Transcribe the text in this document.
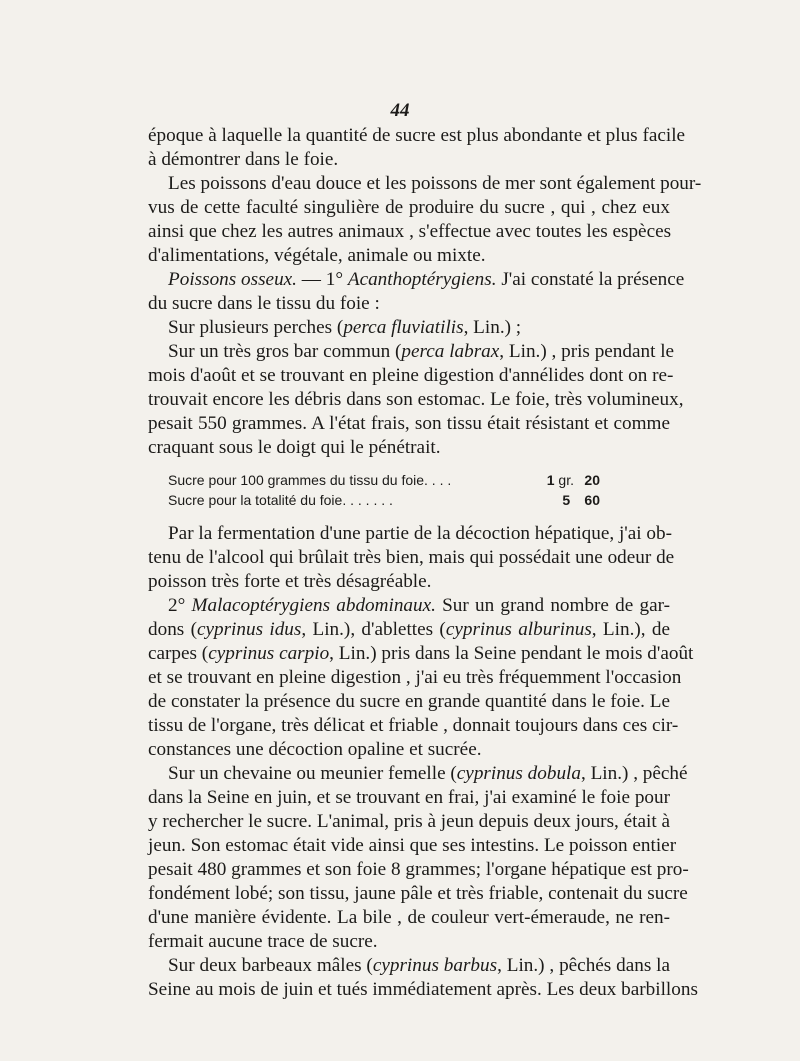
44
époque à laquelle la quantité de sucre est plus abondante et plus facile
à démontrer dans le foie.
Les poissons d'eau douce et les poissons de mer sont également pour-
vus de cette faculté singulière de produire du sucre , qui , chez eux
ainsi que chez les autres animaux , s'effectue avec toutes les espèces
d'alimentations, végétale, animale ou mixte.
Poissons osseux. — 1° Acanthoptérygiens. J'ai constaté la présence
du sucre dans le tissu du foie :
Sur plusieurs perches (perca fluviatilis, Lin.) ;
Sur un très gros bar commun (perca labrax, Lin.) , pris pendant le
mois d'août et se trouvant en pleine digestion d'annélides dont on re-
trouvait encore les débris dans son estomac. Le foie, très volumineux,
pesait 550 grammes. A l'état frais, son tissu était résistant et comme
craquant sous le doigt qui le pénétrait.
Sucre pour 100 grammes du tissu du foie. . . .	1 gr. 20
Sucre pour la totalité du foie. . . . . . .	5 60
Par la fermentation d'une partie de la décoction hépatique, j'ai ob-
tenu de l'alcool qui brûlait très bien, mais qui possédait une odeur de
poisson très forte et très désagréable.
2° Malacoptérygiens abdominaux. Sur un grand nombre de gar-
dons (cyprinus idus, Lin.), d'ablettes (cyprinus alburinus, Lin.), de
carpes (cyprinus carpio, Lin.) pris dans la Seine pendant le mois d'août
et se trouvant en pleine digestion , j'ai eu très fréquemment l'occasion
de constater la présence du sucre en grande quantité dans le foie. Le
tissu de l'organe, très délicat et friable , donnait toujours dans ces cir-
constances une décoction opaline et sucrée.
Sur un chevaine ou meunier femelle (cyprinus dobula, Lin.) , pêché
dans la Seine en juin, et se trouvant en frai, j'ai examiné le foie pour
y rechercher le sucre. L'animal, pris à jeun depuis deux jours, était à
jeun. Son estomac était vide ainsi que ses intestins. Le poisson entier
pesait 480 grammes et son foie 8 grammes; l'organe hépatique est pro-
fondément lobé; son tissu, jaune pâle et très friable, contenait du sucre
d'une manière évidente. La bile , de couleur vert-émeraude, ne ren-
fermait aucune trace de sucre.
Sur deux barbeaux mâles (cyprinus barbus, Lin.) , pêchés dans la
Seine au mois de juin et tués immédiatement après. Les deux barbillons
